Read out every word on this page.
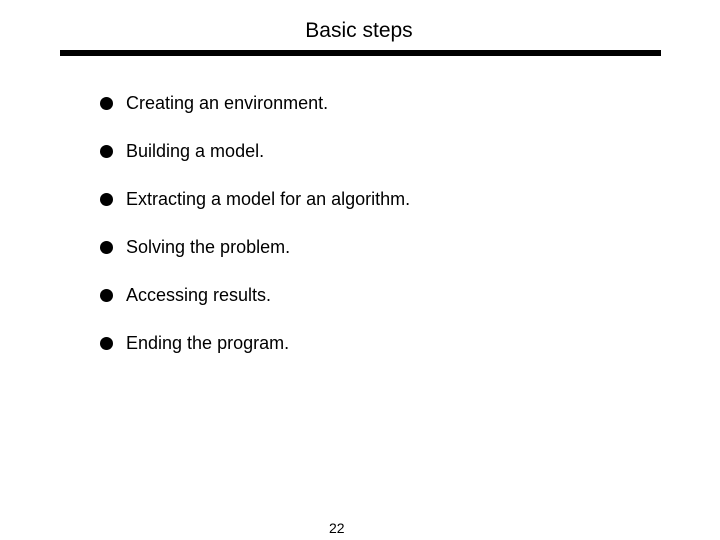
Basic steps
Creating an environment.
Building a model.
Extracting a model for an algorithm.
Solving the problem.
Accessing results.
Ending the program.
22
